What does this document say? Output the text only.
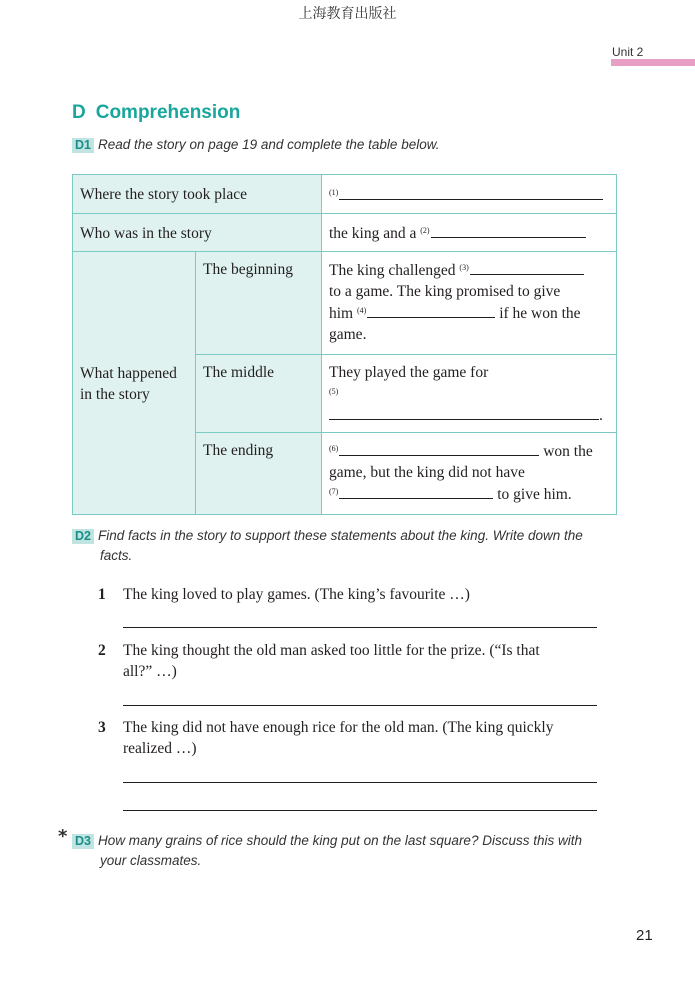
上海教育出版社
Unit 2
D Comprehension
D1 Read the story on page 19 and complete the table below.
Where the story took place		$^{(1)}$
Who was in the story		the king and a $^{(2)}$
What happened in the story	The beginning	The king challenged $^{(3)}$
to a game. The king promised to give
him $^{(4)}$ if he won the
game.
	The middle	They played the game for
$^{(5)}$.
	The ending	$^{(6)}$ won the
game, but the king did not have
$^{(7)}$ to give him.
D2 Find facts in the story to support these statements about the king. Write down the
facts.
1 The king loved to play games. (The king’s favourite …)
2 The king thought the old man asked too little for the prize. (“Is that
all?” …)
3 The king did not have enough rice for the old man. (The king quickly
realized …)
* D3 How many grains of rice should the king put on the last square? Discuss this with
your classmates.
21
